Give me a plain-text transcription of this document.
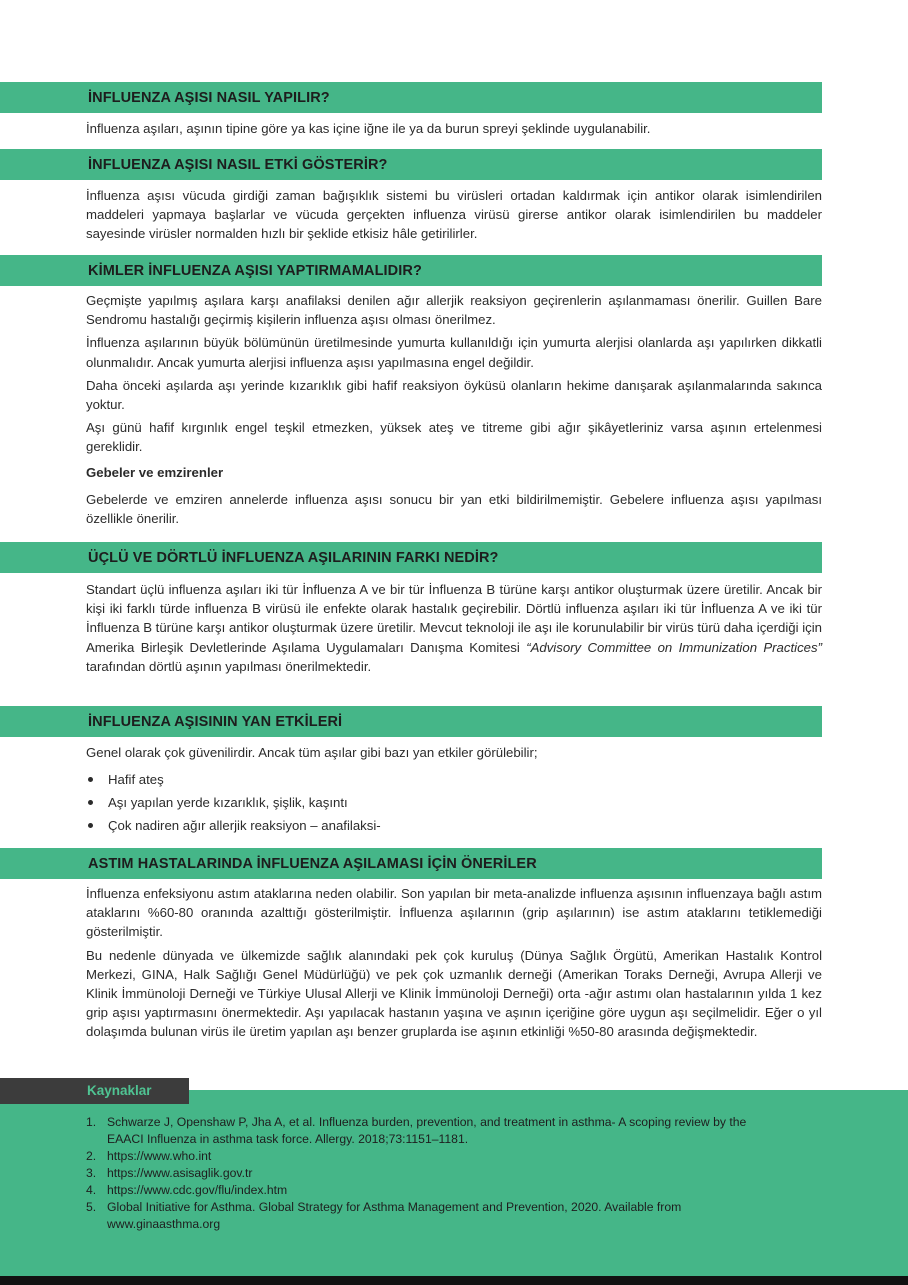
İNFLUENZA AŞISI NASIL YAPILIR?

İnfluenza aşıları, aşının tipine göre ya kas içine iğne ile ya da burun spreyi şeklinde uygulanabilir.

İNFLUENZA AŞISI NASIL ETKİ GÖSTERİR?

İnfluenza aşısı vücuda girdiği zaman bağışıklık sistemi bu virüsleri ortadan kaldırmak için antikor olarak isimlendirilen maddeleri yapmaya başlarlar ve vücuda gerçekten influenza virüsü girerse antikor olarak isimlendirilen bu maddeler sayesinde virüsler normalden hızlı bir şeklide etkisiz hâle getirilirler.

KİMLER İNFLUENZA AŞISI YAPTIRMAMALIDIR?

Geçmişte yapılmış aşılara karşı anafilaksi denilen ağır allerjik reaksiyon geçirenlerin aşılanmaması önerilir. Guillen Bare Sendromu hastalığı geçirmiş kişilerin influenza aşısı olması önerilmez.

İnfluenza aşılarının büyük bölümünün üretilmesinde yumurta kullanıldığı için yumurta alerjisi olanlarda aşı yapılırken dikkatli olunmalıdır. Ancak yumurta alerjisi influenza aşısı yapılmasına engel değildir.

Daha önceki aşılarda aşı yerinde kızarıklık gibi hafif reaksiyon öyküsü olanların hekime danışarak aşılanmalarında sakınca yoktur.

Aşı günü hafif kırgınlık engel teşkil etmezken, yüksek ateş ve titreme gibi ağır şikâyetleriniz varsa aşının ertelenmesi gereklidir.

Gebeler ve emzirenler

Gebelerde ve emziren annelerde influenza aşısı sonucu bir yan etki bildirilmemiştir. Gebelere influenza aşısı yapılması özellikle önerilir.

ÜÇLÜ VE DÖRTLÜ İNFLUENZA AŞILARININ FARKI NEDİR?

Standart üçlü influenza aşıları iki tür İnfluenza A ve bir tür İnfluenza B türüne karşı antikor oluşturmak üzere üretilir. Ancak bir kişi iki farklı türde influenza B virüsü ile enfekte olarak hastalık geçirebilir. Dörtlü influenza aşıları iki tür İnfluenza A ve iki tür İnfluenza B türüne karşı antikor oluşturmak üzere üretilir. Mevcut teknoloji ile aşı ile korunulabilir bir virüs türü daha içerdiği için Amerika Birleşik Devletlerinde Aşılama Uygulamaları Danışma Komitesi “Advisory Committee on Immunization Practices” tarafından dörtlü aşının yapılması önerilmektedir.

İNFLUENZA AŞISININ YAN ETKİLERİ

Genel olarak çok güvenilirdir. Ancak tüm aşılar gibi bazı yan etkiler görülebilir;

Hafif ateş
Aşı yapılan yerde kızarıklık, şişlik, kaşıntı
Çok nadiren ağır allerjik reaksiyon – anafilaksi-
ASTIM HASTALARINDA İNFLUENZA AŞILAMASI İÇİN ÖNERİLER

İnfluenza enfeksiyonu astım ataklarına neden olabilir. Son yapılan bir meta-analizde influenza aşısının influenzaya bağlı astım ataklarını %60-80 oranında azalttığı gösterilmiştir. İnfluenza aşılarının (grip aşılarının) ise astım ataklarını tetiklemediği gösterilmiştir.

Bu nedenle dünyada ve ülkemizde sağlık alanındaki pek çok kuruluş (Dünya Sağlık Örgütü, Amerikan Hastalık Kontrol Merkezi, GINA, Halk Sağlığı Genel Müdürlüğü) ve pek çok uzmanlık derneği (Amerikan Toraks Derneği, Avrupa Allerji ve Klinik İmmünoloji Derneği ve Türkiye Ulusal Allerji ve Klinik İmmünoloji Derneği) orta -ağır astımı olan hastalarının yılda 1 kez grip aşısı yaptırmasını önermektedir. Aşı yapılacak hastanın yaşına ve aşının içeriğine göre uygun aşı seçilmelidir. Eğer o yıl dolaşımda bulunan virüs ile üretim yapılan aşı benzer gruplarda ise aşının etkinliği %50-80 arasında değişmektedir.

Kaynaklar
1. Schwarze J, Openshaw P, Jha A, et al. Influenza burden, prevention, and treatment in asthma- A scoping review by the EAACI Influenza in asthma task force. Allergy. 2018;73:1151–1181.
2. https://www.who.int
3. https://www.asisaglik.gov.tr
4. https://www.cdc.gov/flu/index.htm
5. Global Initiative for Asthma. Global Strategy for Asthma Management and Prevention, 2020. Available from www.ginaasthma.org
